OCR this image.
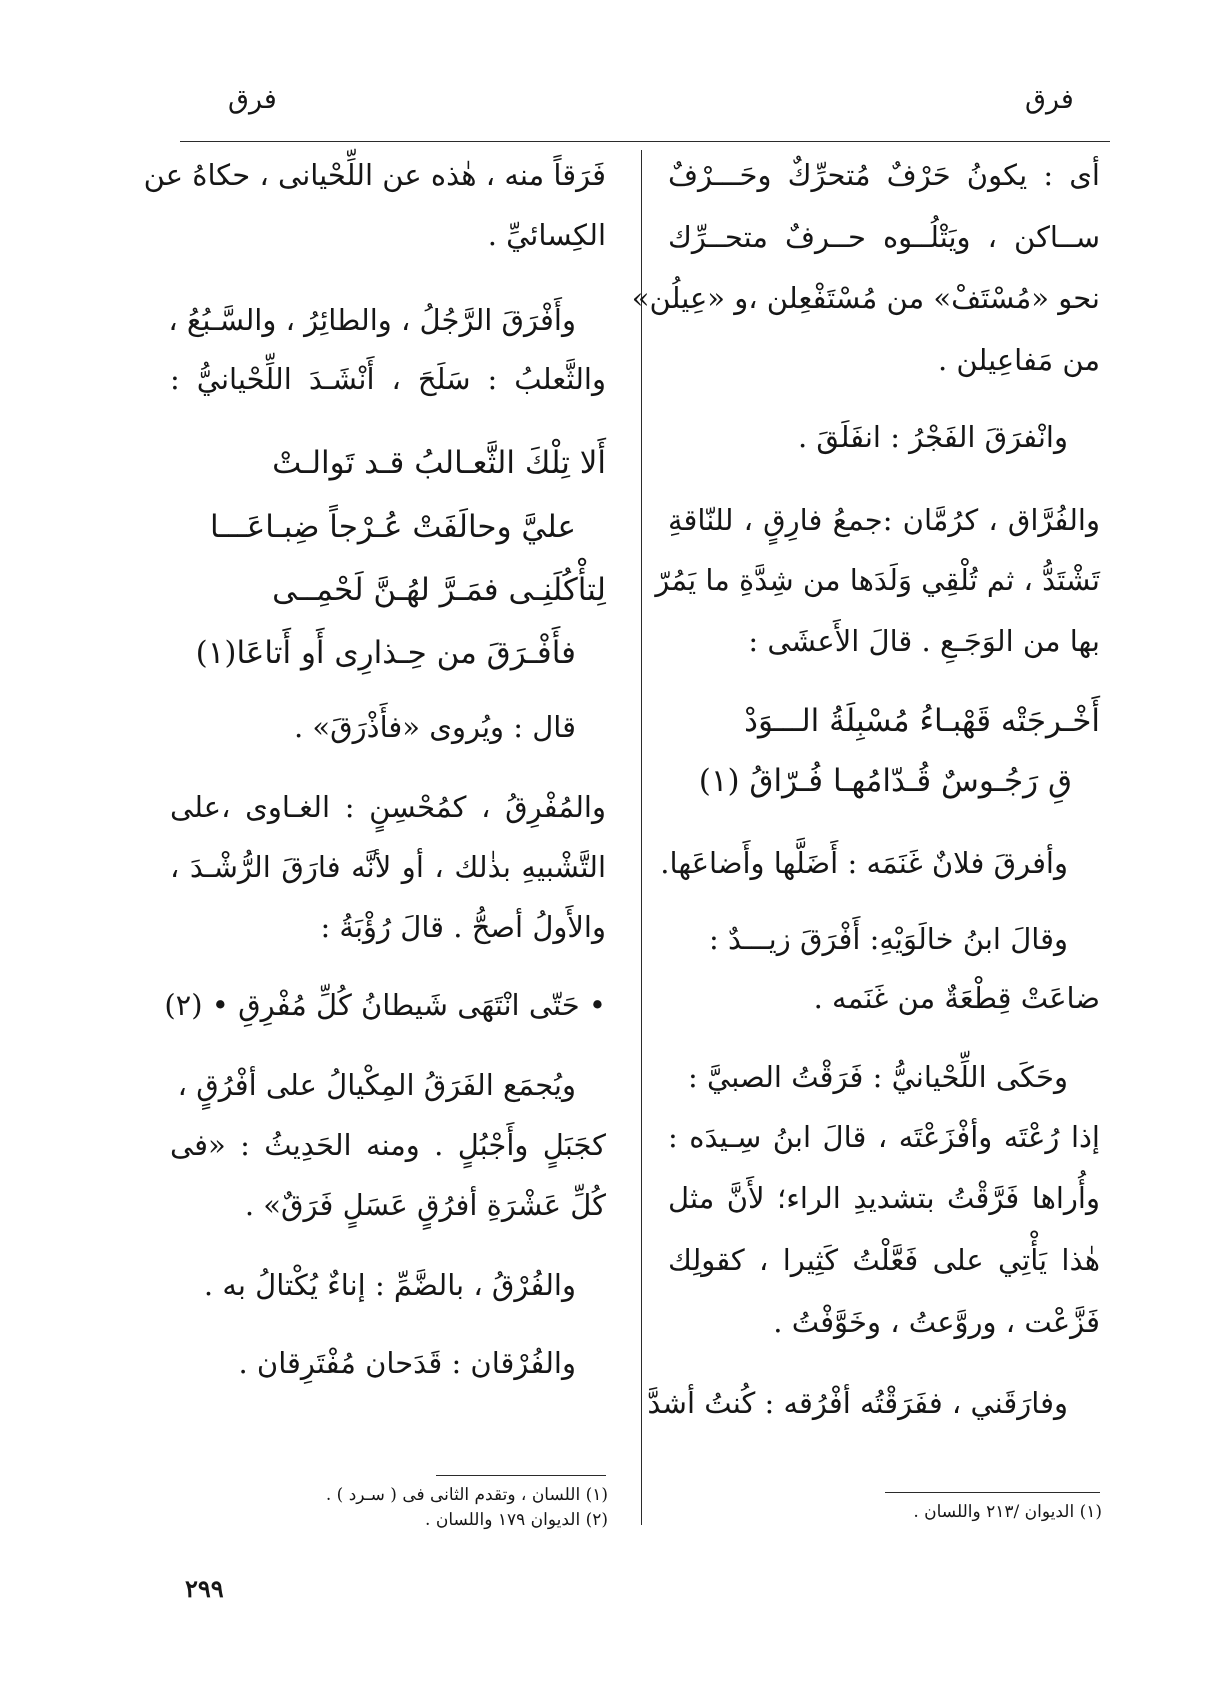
فرق
فرق
أى : يكونُ حَرْفٌ مُتحرِّكٌ وحَـــرْفٌ
ســاكن ، ويَتْلُــوه حــرفٌ متحــرِّك
نحو «مُسْتَفْ» من مُسْتَفْعِلن ،و «عِيلُن»
من مَفاعِيلن .
وانْفرَقَ الفَجْرُ : انفَلَقَ .
والفُرَّاق ، كرُمَّان :جمعُ فارِقٍ ، للنّاقةِ
تَشْتَدُّ ، ثم تُلْقِي وَلَدَها من شِدَّةِ ما يَمُرّ
بها من الوَجَـعِ . قالَ الأَعشَى :
أَخْـرجَتْه قَهْبـاءُ مُسْبِلَةُ الـــوَدْ
قِ رَجُـوسٌ قُـدّامُهـا فُـرّاقُ (١)
وأفرقَ فلانٌ غَنَمَه : أَضَلَّها وأَضاعَها.
وقالَ ابنُ خالَوَيْهِ: أَفْرَقَ زيـــدٌ :
ضاعَتْ قِطْعَةٌ من غَنَمه .
وحَكَى اللِّحْيانيُّ : فَرَقْتُ الصبيَّ :
إذا رُعْتَه وأفْزَعْتَه ، قالَ ابنُ سِـيدَه :
وأُراها فَرَّقْتُ بتشديدِ الراء؛ لأَنَّ مثل
هٰذا يَأْتِي على فَعَّلْتُ كَثِيرا ، كقولِك
فَزَّعْت ، وروَّعتُ ، وخَوَّفْتُ .
وفارَقَني ، ففَرَقْتُه أفْرُقه : كُنتُ أشدَّ
فَرَقاً منه ، هٰذه عن اللِّحْيانى ، حكاهُ عن
الكِسائيِّ .
وأَفْرَقَ الرَّجُلُ ، والطائِرُ ، والسَّـبُعُ ،
والثَّعلبُ : سَلَحَ ، أَنْشَـدَ اللِّحْيانيُّ :
أَلا تِلْكَ الثَّعـالبُ قـد تَوالـتْ
عليَّ وحالَفَتْ عُـرْجاً ضِبـاعَـــا
لِتأْكُلَنِـى فمَـرَّ لهُـنَّ لَحْمِــى
فأَفْـرَقَ من حِـذارِى أَو أَتاعَا(١)
قال : ويُروى «فأَذْرَقَ» .
والمُفْرِقُ ، كمُحْسِنٍ : الغـاوى ،على
التَّشْبيهِ بذٰلك ، أو لأنَّه فارَقَ الرُّشْـدَ ،
والأَولُ أصحُّ . قالَ رُؤْبَةُ :
• حَتّى انْتَهَى شَيطانُ كُلِّ مُفْرِقِ • (٢)
ويُجمَع الفَرَقُ المِكْيالُ على أفْرُقٍ ،
كجَبَلٍ وأَجْبُلٍ . ومنه الحَدِيثُ : «فى
كُلِّ عَشْرَةِ أفرُقٍ عَسَلٍ فَرَقٌ» .
والفُرْقُ ، بالضَّمِّ : إناءٌ يُكْتالُ به .
والفُرْقان : قَدَحان مُفْتَرِقان .
(١) الديوان /٢١٣ واللسان .
(١) اللسان ، وتقدم الثانى فى ( سـرد ) .
(٢) الديوان ١٧٩ واللسان .
٢٩٩
